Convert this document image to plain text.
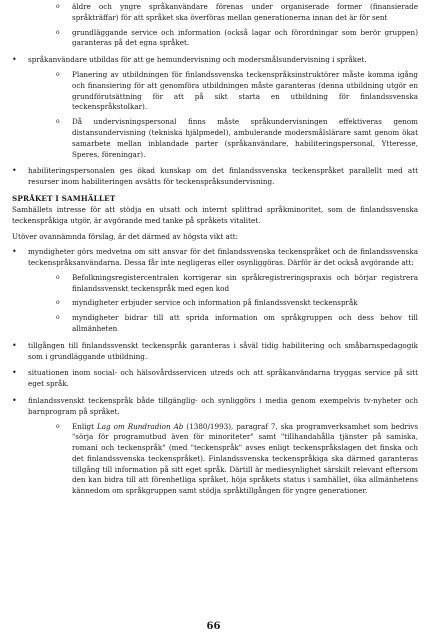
o äldre och yngre språkanvändare förenas under organiserade former (finansierade språkträffar) för att språket ska överföras mellan generationerna innan det är för sent

o grundläggande service och information (också lagar och förordningar som berör gruppen) garanteras på det egna språket.

• språkanvändare utbildas för att ge hemundervisning och modersmålsundervisning i språket.

o Planering av utbildningen för finlandssvenska teckenspråksinstruktörer måste komma igång och finansiering för att genomföra utbildningen måste garanteras (denna utbildning utgör en grundförutsättning för att på sikt starta en utbildning för finlandssvenska teckenspråkstolkar).

o Då undervisningspersonal finns måste språkundervisningen effektiveras genom distansundervisning (tekniska hjälpmedel), ambulerande modersmålslärare samt genom ökat samarbete mellan inblandade parter (språkanvändare, habiliteringspersonal, Ytteresse, Speres, föreningar).

• habiliteringspersonalen ges ökad kunskap om det finlandssvenska teckenspråket parallellt med att resurser inom habiliteringen avsätts för teckenspråksundervisning.

SPRÅKET I SAMHÄLLET

Samhällets intresse för att stödja en utsatt och internt splittrad språkminoritet, som de finlandssvenska teckenspråkiga utgör, är avgörande med tanke på språkets vitalitet.

Utöver ovannämnda förslag, är det därmed av högsta vikt att:

• myndigheter görs medvetna om sitt ansvar för det finlandssvenska teckenspråket och de finlandssvenska teckenspråksanvändarna. Dessa får inte negligeras eller osynliggöras. Därför är det också avgörande att:

o Befolkningsregistercentralen korrigerar sin språkregistreringspraxis och börjar registrera finlandssvenskt teckenspråk med egen kod

o myndigheter erbjuder service och information på finlandssvenskt teckenspråk

o myndigheter bidrar till att sprida information om språkgruppen och dess behov till allmänheten

• tillgången till finlandssvenskt teckenspråk garanteras i såväl tidig habilitering och småbarnspedagogik som i grundläggande utbildning.

• situationen inom social- och hälsovårdsservicen utreds och att språkanvändarna tryggas service på sitt eget språk.

• finlandssvenskt teckenspråk både tillgänglig- och synliggörs i media genom exempelvis tv-nyheter och barnprogram på språket.

o Enligt Lag om Rundradion Ab (1380/1993), paragraf 7, ska programverksamhet som bedrivs "sörja för programutbud även för minoriteter" samt "tillhandahålla tjänster på samiska, romani och teckenspråk" (med "teckenspråk" avses enligt teckenspråkslagen det finska och det finlandssvenska teckenspråket). Finlandssvenska teckenspråkiga ska därmed garanteras tillgång till information på sitt eget språk. Därtill är mediesynlighet särskilt relevant eftersom den kan bidra till att förenhetliga språket, höja språkets status i samhället, öka allmänhetens kännedom om språkgruppen samt stödja språktillgången för yngre generationer.

66
